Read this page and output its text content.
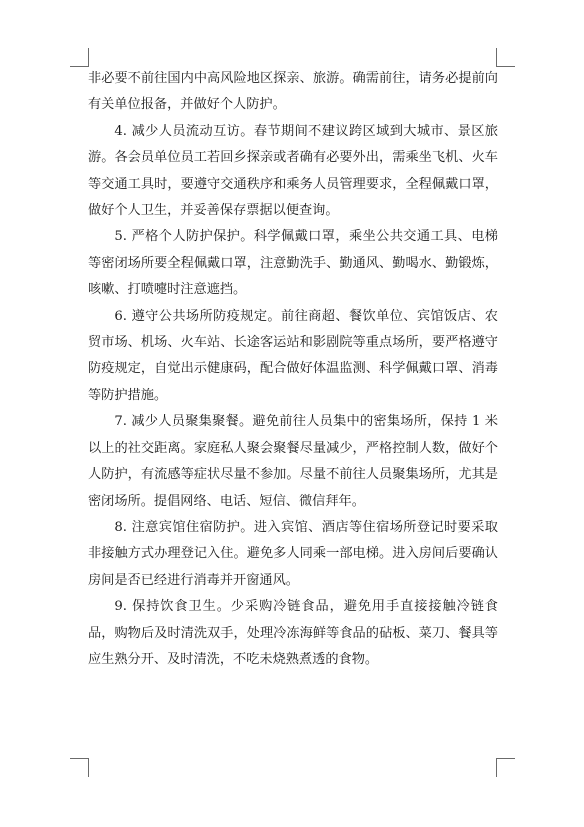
非必要不前往国内中高风险地区探亲、旅游。确需前往，请务必提前向有关单位报备，并做好个人防护。

4. 减少人员流动互访。春节期间不建议跨区域到大城市、景区旅游。各会员单位员工若回乡探亲或者确有必要外出，需乘坐飞机、火车等交通工具时，要遵守交通秩序和乘务人员管理要求，全程佩戴口罩，做好个人卫生，并妥善保存票据以便查询。

5. 严格个人防护保护。科学佩戴口罩，乘坐公共交通工具、电梯等密闭场所要全程佩戴口罩，注意勤洗手、勤通风、勤喝水、勤锻炼，咳嗽、打喷嚏时注意遮挡。

6. 遵守公共场所防疫规定。前往商超、餐饮单位、宾馆饭店、农贸市场、机场、火车站、长途客运站和影剧院等重点场所，要严格遵守防疫规定，自觉出示健康码，配合做好体温监测、科学佩戴口罩、消毒等防护措施。

7. 减少人员聚集聚餐。避免前往人员集中的密集场所，保持 1 米以上的社交距离。家庭私人聚会聚餐尽量减少，严格控制人数，做好个人防护，有流感等症状尽量不参加。尽量不前往人员聚集场所，尤其是密闭场所。提倡网络、电话、短信、微信拜年。

8. 注意宾馆住宿防护。进入宾馆、酒店等住宿场所登记时要采取非接触方式办理登记入住。避免多人同乘一部电梯。进入房间后要确认房间是否已经进行消毒并开窗通风。

9. 保持饮食卫生。少采购冷链食品，避免用手直接接触冷链食品，购物后及时清洗双手，处理冷冻海鲜等食品的砧板、菜刀、餐具等应生熟分开、及时清洗，不吃未烧熟煮透的食物。
